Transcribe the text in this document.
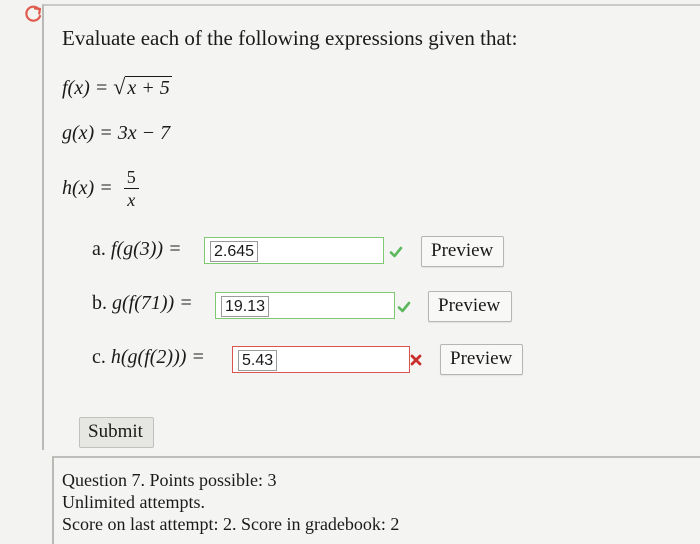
Evaluate each of the following expressions given that:
f(x) = √ x + 5
g(x) = 3x − 7
$h(x) = \frac{5}{x}$
a. f(g(3)) =	2.645	Preview
b. g(f(71)) =	19.13	Preview
c. h(g(f(2))) =	5.43	Preview
Submit
Question 7. Points possible: 3
Unlimited attempts.
Score on last attempt: 2. Score in gradebook: 2
